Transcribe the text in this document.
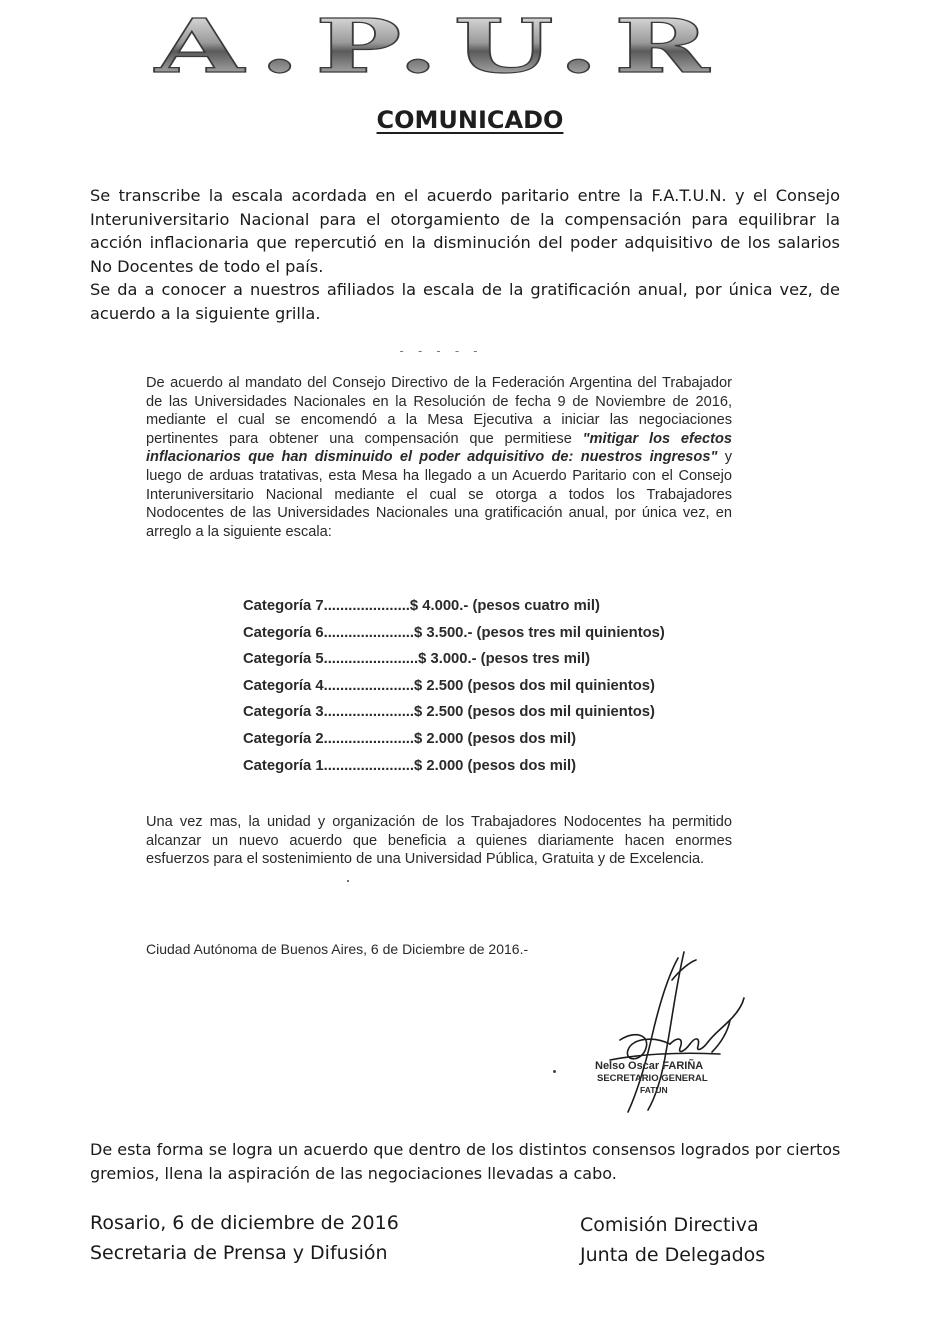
A.P.U.R
COMUNICADO

Se transcribe la escala acordada en el acuerdo paritario entre la F.A.T.U.N. y el Consejo Interuniversitario Nacional para el otorgamiento de la compensación para equilibrar la acción inflacionaria que repercutió en la disminución del poder adquisitivo de los salarios No Docentes de todo el país.

Se da a conocer a nuestros afiliados la escala de la gratificación anual, por única vez, de acuerdo a la siguiente grilla.

- - - - -

De acuerdo al mandato del Consejo Directivo de la Federación Argentina del Trabajador de las Universidades Nacionales en la Resolución de fecha 9 de Noviembre de 2016, mediante el cual se encomendó a la Mesa Ejecutiva a iniciar las negociaciones pertinentes para obtener una compensación que permitiese "mitigar los efectos inflacionarios que han disminuido el poder adquisitivo de: nuestros ingresos" y luego de arduas tratativas, esta Mesa ha llegado a un Acuerdo Paritario con el Consejo Interuniversitario Nacional mediante el cual se otorga a todos los Trabajadores Nodocentes de las Universidades Nacionales una gratificación anual, por única vez, en arreglo a la siguiente escala:

Categoría 7.....................$ 4.000.- (pesos cuatro mil)
Categoría 6......................$ 3.500.- (pesos tres mil quinientos)
Categoría 5.......................$ 3.000.- (pesos tres mil)
Categoría 4......................$ 2.500 (pesos dos mil quinientos)
Categoría 3......................$ 2.500 (pesos dos mil quinientos)
Categoría 2......................$ 2.000 (pesos dos mil)
Categoría 1......................$ 2.000 (pesos dos mil)

Una vez mas, la unidad y organización de los Trabajadores Nodocentes ha permitido alcanzar un nuevo acuerdo que beneficia a quienes diariamente hacen enormes esfuerzos para el sostenimiento de una Universidad Pública, Gratuita y de Excelencia.

Ciudad Autónoma de Buenos Aires, 6 de Diciembre de 2016.-
Nelso Oscar FARIÑA
SECRETARIO GENERAL
FATUN
De esta forma se logra un acuerdo que dentro de los distintos consensos logrados por ciertos gremios, llena la aspiración de las negociaciones llevadas a cabo.
Rosario, 6 de diciembre de 2016
Secretaria de Prensa y Difusión
Comisión Directiva
Junta de Delegados
